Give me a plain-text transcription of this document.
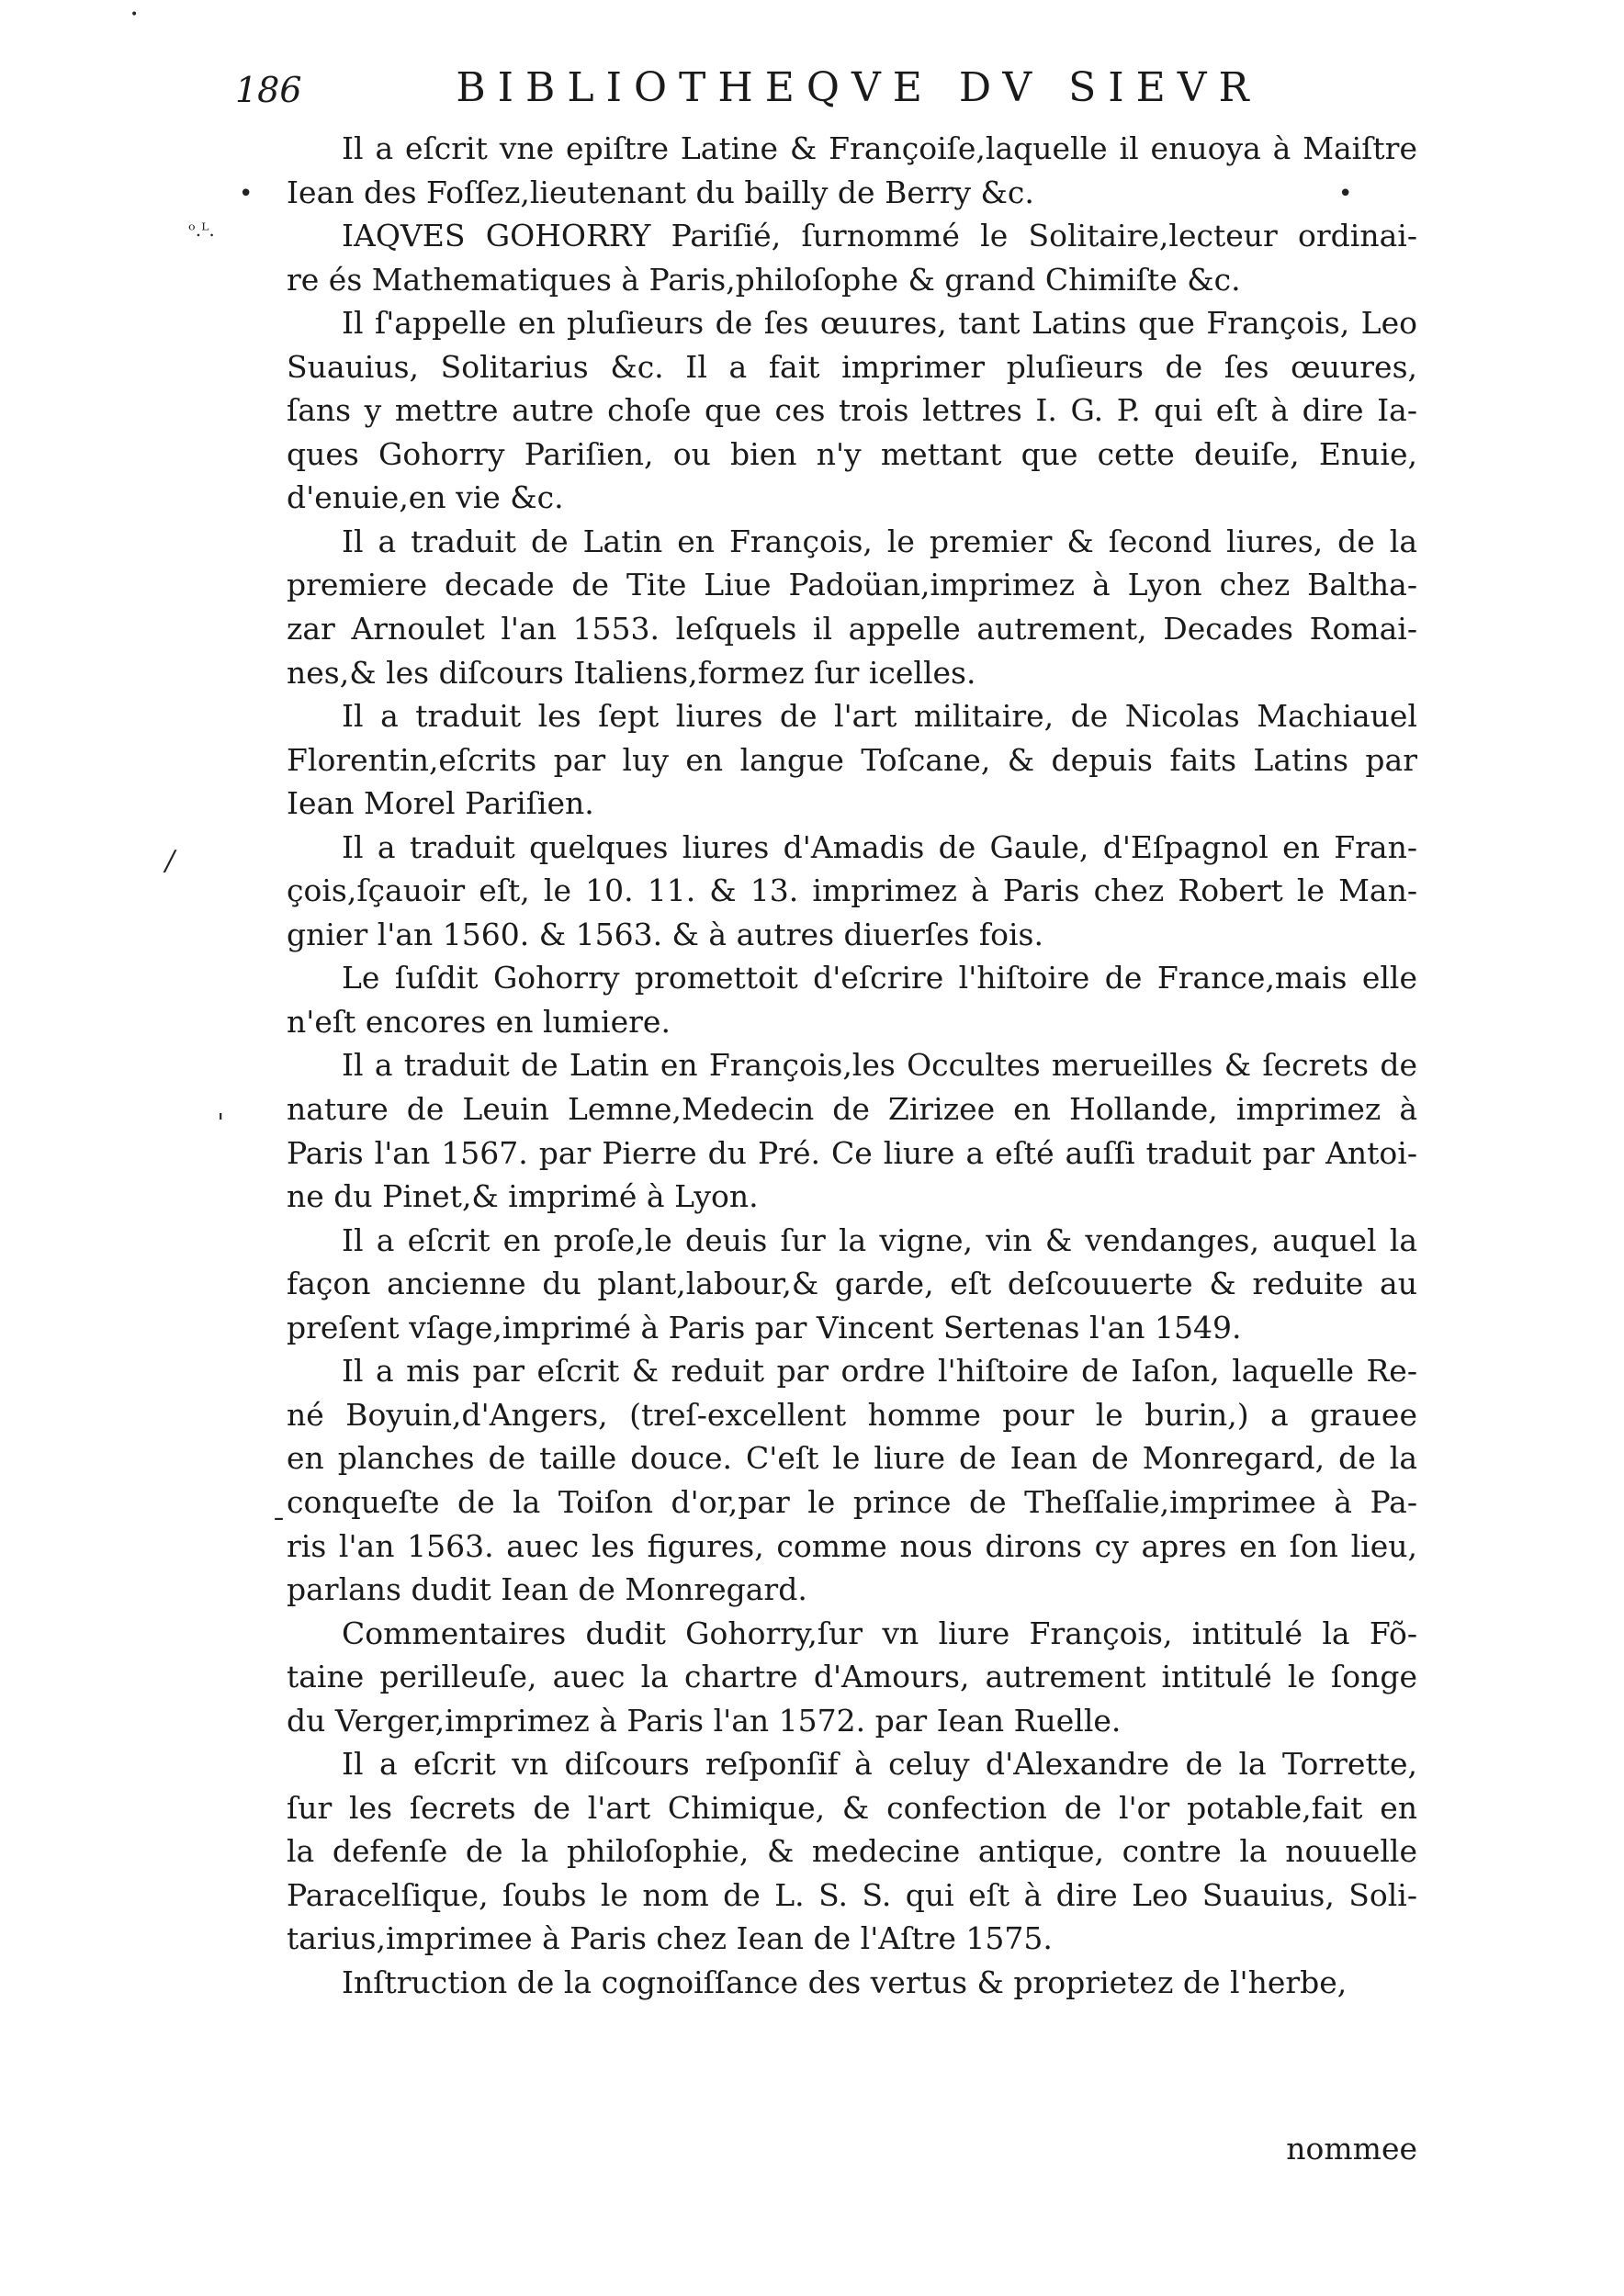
•
186	BIBLIOTHEQVE DV SIEVR
•	•
ᵒ.ᴸ.
/
ˈ
ˉ
Il a eſcrit vne epiſtre Latine & Françoiſe,laquelle il enuoya à Maiſtre
Iean des Foſſez,lieutenant du bailly de Berry &c.
IAQVES GOHORRY Pariſié, ſurnommé le Solitaire,lecteur ordinai-
re és Mathematiques à Paris,philoſophe & grand Chimiſte &c.
Il ſ'appelle en pluſieurs de ſes œuures, tant Latins que François, Leo
Suauius, Solitarius &c. Il a fait imprimer pluſieurs de ſes œuures,
ſans y mettre autre choſe que ces trois lettres I. G. P. qui eſt à dire Ia-
ques Gohorry Pariſien, ou bien n'y mettant que cette deuiſe, Enuie,
d'enuie,en vie &c.
Il a traduit de Latin en François, le premier & ſecond liures, de la
premiere decade de Tite Liue Padoüan,imprimez à Lyon chez Baltha-
zar Arnoulet l'an 1553. leſquels il appelle autrement, Decades Romai-
nes,& les diſcours Italiens,formez ſur icelles.
Il a traduit les ſept liures de l'art militaire, de Nicolas Machiauel
Florentin,eſcrits par luy en langue Toſcane, & depuis faits Latins par
Iean Morel Pariſien.
Il a traduit quelques liures d'Amadis de Gaule, d'Eſpagnol en Fran-
çois,ſçauoir eſt, le 10. 11. & 13. imprimez à Paris chez Robert le Man-
gnier l'an 1560. & 1563. & à autres diuerſes fois.
Le ſuſdit Gohorry promettoit d'eſcrire l'hiſtoire de France,mais elle
n'eſt encores en lumiere.
Il a traduit de Latin en François,les Occultes merueilles & ſecrets de
nature de Leuin Lemne,Medecin de Zirizee en Hollande, imprimez à
Paris l'an 1567. par Pierre du Pré. Ce liure a eſté auſſi traduit par Antoi-
ne du Pinet,& imprimé à Lyon.
Il a eſcrit en proſe,le deuis ſur la vigne, vin & vendanges, auquel la
façon ancienne du plant,labour,& garde, eſt deſcouuerte & reduite au
preſent vſage,imprimé à Paris par Vincent Sertenas l'an 1549.
Il a mis par eſcrit & reduit par ordre l'hiſtoire de Iaſon, laquelle Re-
né Boyuin,d'Angers, (treſ-excellent homme pour le burin,) a grauee
en planches de taille douce. C'eſt le liure de Iean de Monregard, de la
conqueſte de la Toiſon d'or,par le prince de Theſſalie,imprimee à Pa-
ris l'an 1563. auec les figures, comme nous dirons cy apres en ſon lieu,
parlans dudit Iean de Monregard.
Commentaires dudit Gohorry,ſur vn liure François, intitulé la Fõ-
taine perilleuſe, auec la chartre d'Amours, autrement intitulé le ſonge
du Verger,imprimez à Paris l'an 1572. par Iean Ruelle.
Il a eſcrit vn diſcours reſponſif à celuy d'Alexandre de la Torrette,
ſur les ſecrets de l'art Chimique, & confection de l'or potable,fait en
la defenſe de la philoſophie, & medecine antique, contre la nouuelle
Paracelſique, ſoubs le nom de L. S. S. qui eſt à dire Leo Suauius, Soli-
tarius,imprimee à Paris chez Iean de l'Aſtre 1575.
Inſtruction de la cognoiſſance des vertus & proprietez de l'herbe,
nommee
